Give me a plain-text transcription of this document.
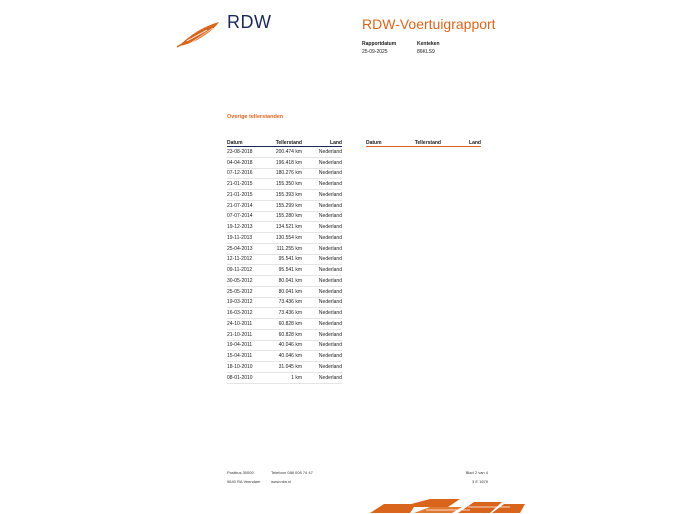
RDW	RDW-Voertuigrapport
Rapportdatum
25-09-2025
Kenteken
86KLS9
Overige tellerstanden
Datum	Tellerstand	Land
23-08-2018	200.474 km	Nederland
04-04-2018	196.418 km	Nederland
07-12-2016	180.276 km	Nederland
21-01-2015	155.350 km	Nederland
21-01-2015	155.393 km	Nederland
21-07-2014	155.299 km	Nederland
07-07-2014	155.280 km	Nederland
19-12-2013	134.521 km	Nederland
19-11-2013	130.554 km	Nederland
25-04-2013	111.255 km	Nederland
12-11-2012	95.541 km	Nederland
09-11-2012	95.541 km	Nederland
30-05-2012	80.041 km	Nederland
25-05-2012	80.041 km	Nederland
19-03-2012	73.436 km	Nederland
16-03-2012	73.436 km	Nederland
24-10-2011	60.828 km	Nederland
21-10-2011	60.828 km	Nederland
19-04-2011	40.046 km	Nederland
15-04-2011	40.046 km	Nederland
18-10-2010	31.045 km	Nederland
08-01-2010	1 km	Nederland
Datum	Tellerstand	Land
Postbus 30000
9640 RA Veendam
Telefoon 088 008 74 47
www.rdw.nl
Blad 2 van 4
3 E 1679
